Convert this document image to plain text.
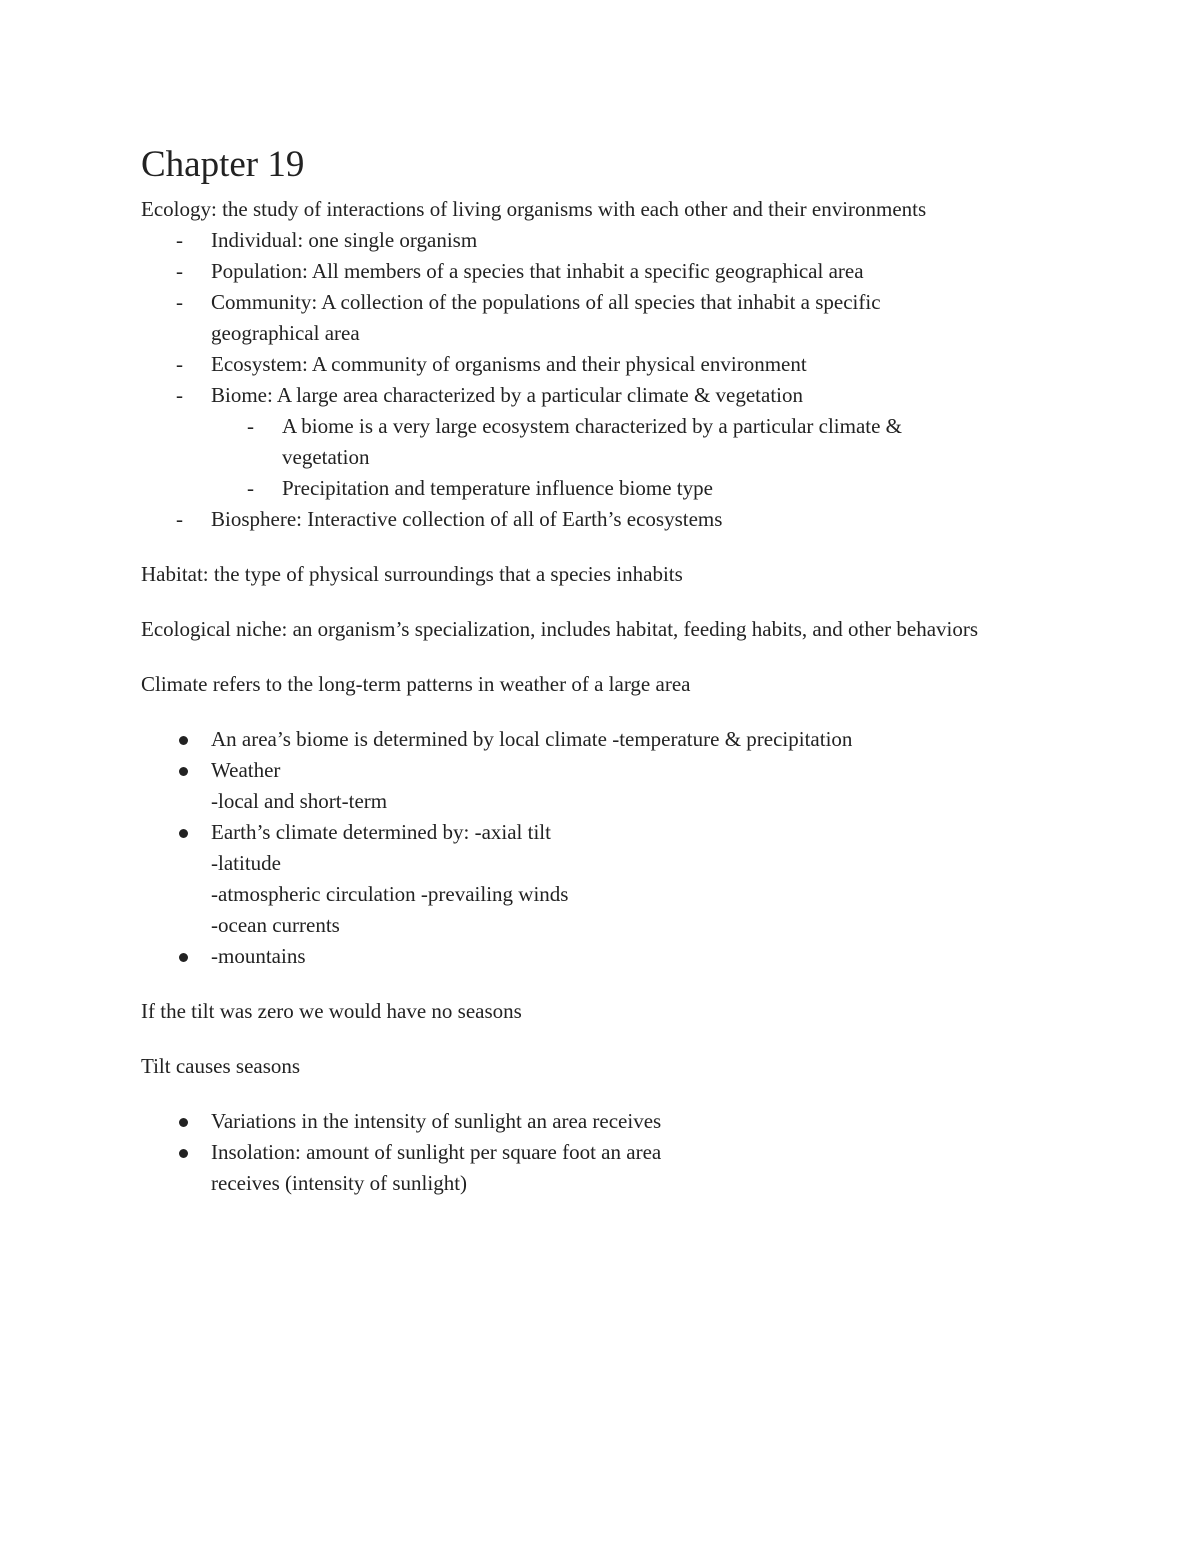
Chapter 19

Ecology: the study of interactions of living organisms with each other and their environments

- Individual: one single organism
- Population: All members of a species that inhabit a specific geographical area
- Community: A collection of the populations of all species that inhabit a specific geographical area
- Ecosystem: A community of organisms and their physical environment
- Biome: A large area characterized by a particular climate & vegetation
- A biome is a very large ecosystem characterized by a particular climate & vegetation
- Precipitation and temperature influence biome type
- Biosphere: Interactive collection of all of Earth’s ecosystems

Habitat: the type of physical surroundings that a species inhabits

Ecological niche: an organism’s specialization, includes habitat, feeding habits, and other behaviors

Climate refers to the long-term patterns in weather of a large area

An area’s biome is determined by local climate -temperature & precipitation
Weather
-local and short-term
Earth’s climate determined by: -axial tilt
-latitude
-atmospheric circulation -prevailing winds
-ocean currents
-mountains

If the tilt was zero we would have no seasons

Tilt causes seasons

Variations in the intensity of sunlight an area receives
Insolation: amount of sunlight per square foot an area
receives (intensity of sunlight)
